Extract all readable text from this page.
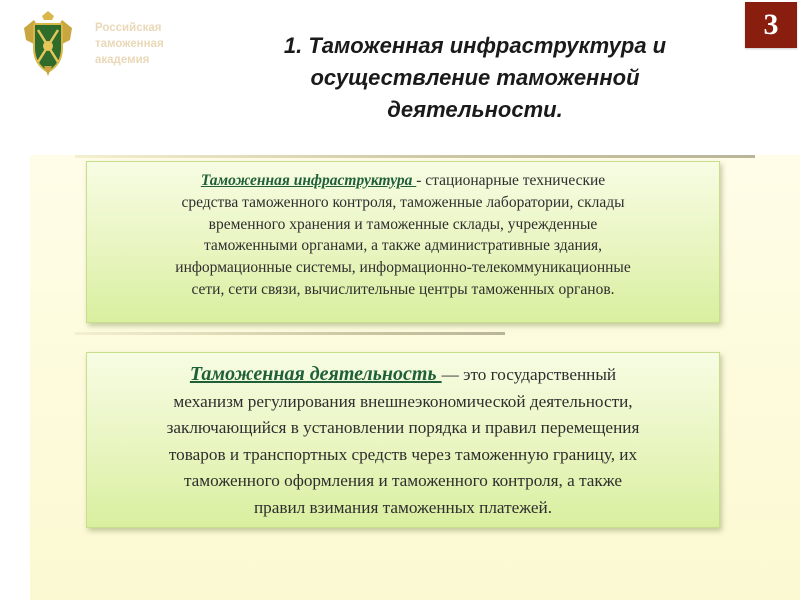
Российская
таможенная
академия
3
1. Таможенная инфраструктура и
осуществление таможенной
деятельности.
Таможенная инфраструктура - стационарные технические
средства таможенного контроля, таможенные лаборатории, склады
временного хранения и таможенные склады, учрежденные
таможенными органами, а также административные здания,
информационные системы, информационно-телекоммуникационные
сети, сети связи, вычислительные центры таможенных органов.
Таможенная деятельность — это государственный
механизм регулирования внешнеэкономической деятельности,
заключающийся в установлении порядка и правил перемещения
товаров и транспортных средств через таможенную границу, их
таможенного оформления и таможенного контроля, а также
правил взимания таможенных платежей.
